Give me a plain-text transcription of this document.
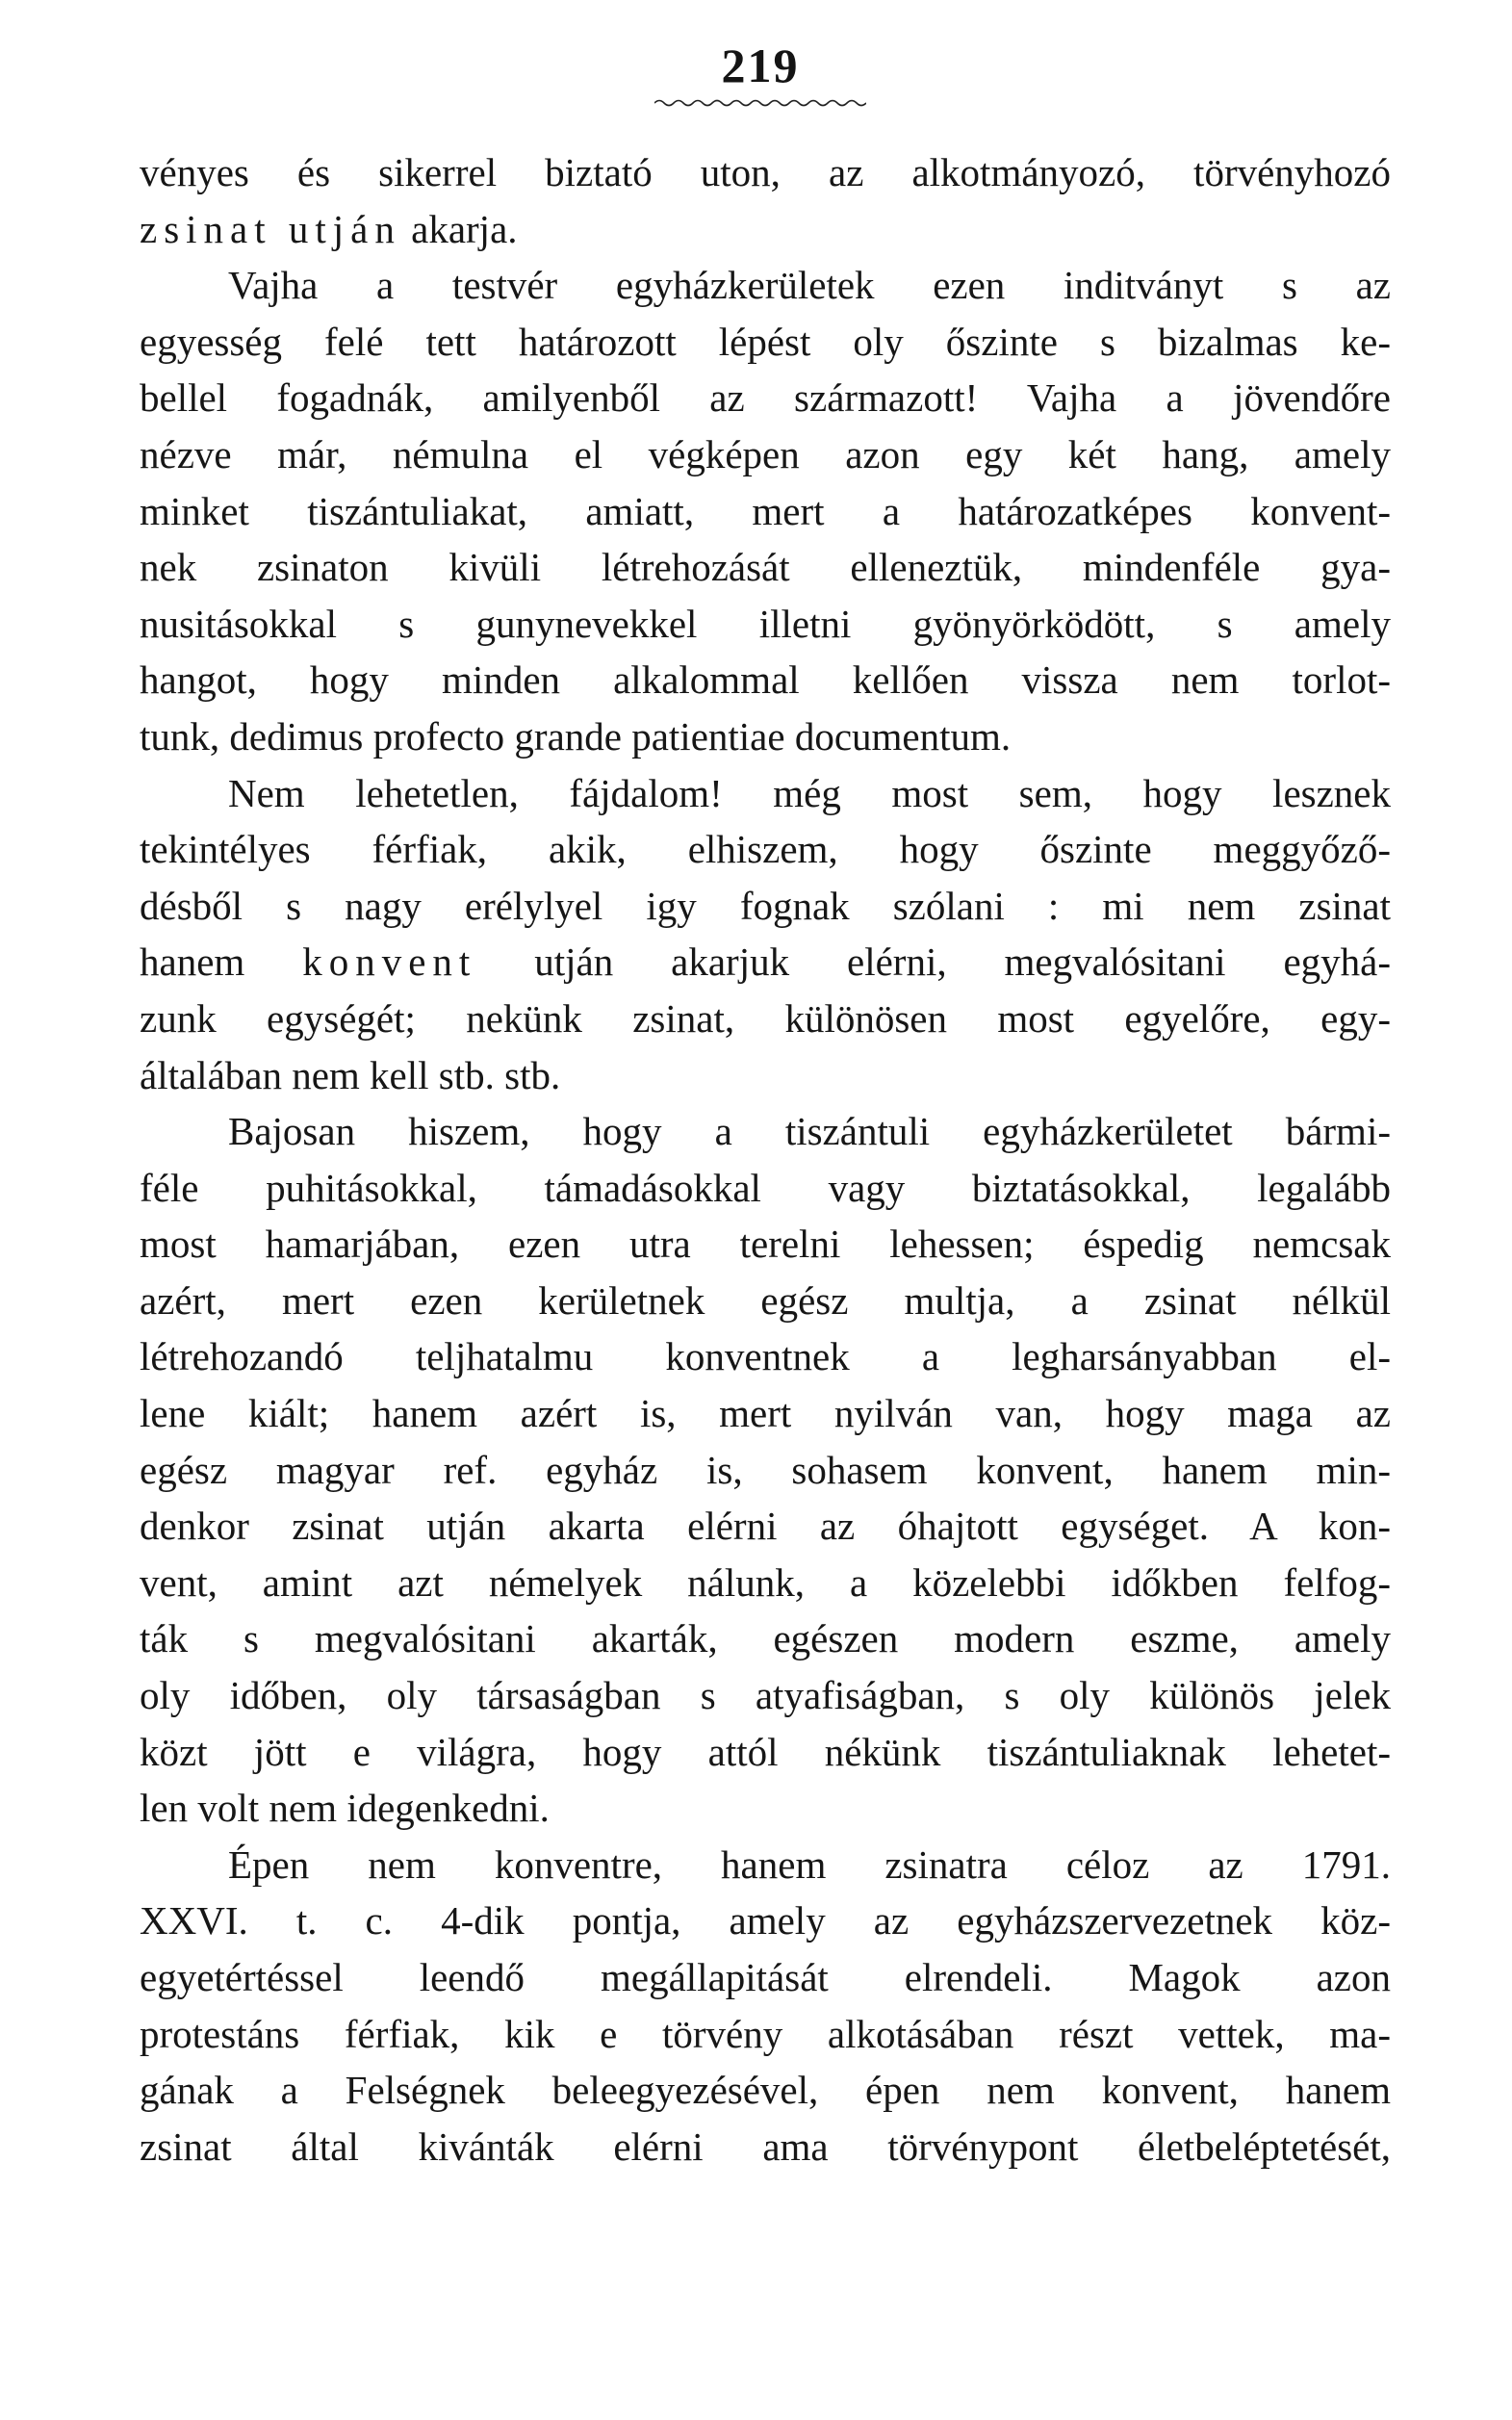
219
vényes és sikerrel biztató uton, az alkotmányozó, törvényhozó
zsinat utján akarja.
Vajha a testvér egyházkerületek ezen inditványt s az
egyesség felé tett határozott lépést oly őszinte s bizalmas ke-
bellel fogadnák, amilyenből az származott! Vajha a jövendőre
nézve már, némulna el végképen azon egy két hang, amely
minket tiszántuliakat, amiatt, mert a határozatképes konvent-
nek zsinaton kivüli létrehozását elleneztük, mindenféle gya-
nusitásokkal s gunynevekkel illetni gyönyörködött, s amely
hangot, hogy minden alkalommal kellően vissza nem torlot-
tunk, dedimus profecto grande patientiae documentum.
Nem lehetetlen, fájdalom! még most sem, hogy lesznek
tekintélyes férfiak, akik, elhiszem, hogy őszinte meggyőző-
désből s nagy erélylyel igy fognak szólani : mi nem zsinat
hanem konvent utján akarjuk elérni, megvalósitani egyhá-
zunk egységét; nekünk zsinat, különösen most egyelőre, egy-
általában nem kell stb. stb.
Bajosan hiszem, hogy a tiszántuli egyházkerületet bármi-
féle puhitásokkal, támadásokkal vagy biztatásokkal, legalább
most hamarjában, ezen utra terelni lehessen; éspedig nemcsak
azért, mert ezen kerületnek egész multja, a zsinat nélkül
létrehozandó teljhatalmu konventnek a legharsányabban el-
lene kiált; hanem azért is, mert nyilván van, hogy maga az
egész magyar ref. egyház is, sohasem konvent, hanem min-
denkor zsinat utján akarta elérni az óhajtott egységet. A kon-
vent, amint azt némelyek nálunk, a közelebbi időkben felfog-
ták s megvalósitani akarták, egészen modern eszme, amely
oly időben, oly társaságban s atyafiságban, s oly különös jelek
közt jött e világra, hogy attól nékünk tiszántuliaknak lehetet-
len volt nem idegenkedni.
Épen nem konventre, hanem zsinatra céloz az 1791.
XXVI. t. c. 4-dik pontja, amely az egyházszervezetnek köz-
egyetértéssel leendő megállapitását elrendeli. Magok azon
protestáns férfiak, kik e törvény alkotásában részt vettek, ma-
gának a Felségnek beleegyezésével, épen nem konvent, hanem
zsinat által kivánták elérni ama törvénypont életbeléptetését,
